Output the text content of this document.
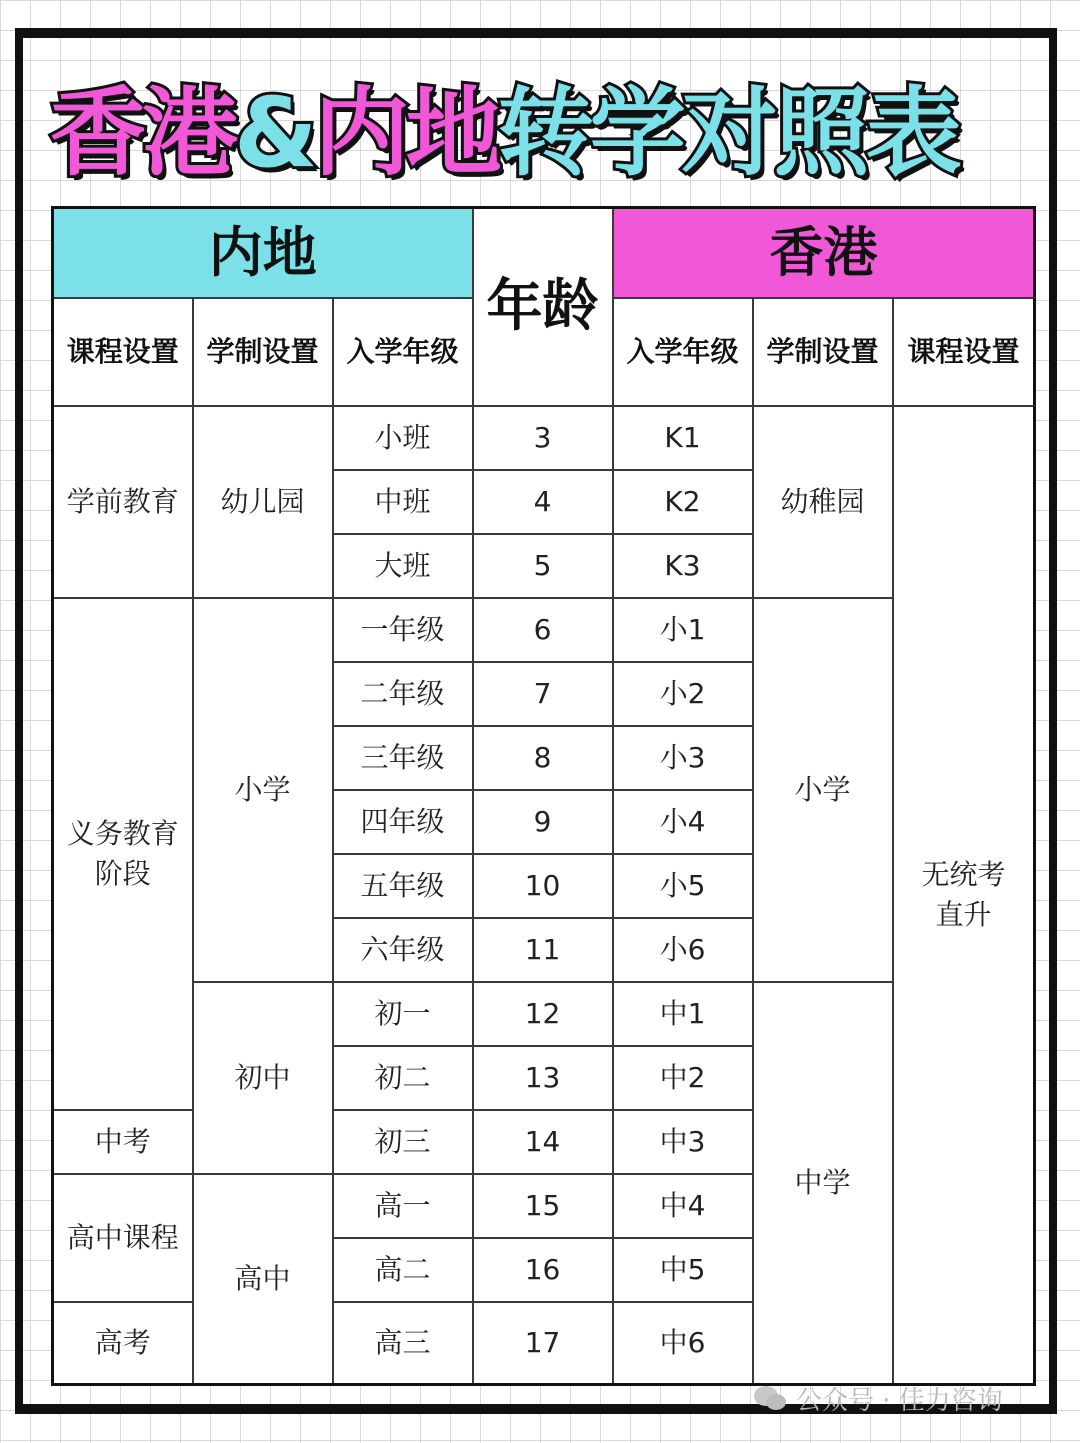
香港&内地转学对照表
内地			年龄	香港			
课程设置	学制设置	入学年级		入学年级	学制设置	课程设置	
学前教育	幼儿园	小班	3	K1	幼稚园	无统考
直升	

		中班	4	K2			
		大班	5	K3			

义务教育
阶段	小学	一年级	6	小1	小学		
		二年级	7	小2			
		三年级	8	小3			
		四年级	9	小4			
		五年级	10	小5			
		六年级	11	小6			
	初中	初一	12	中1	中学		
		初二	13	中2			
中考		初三	14	中3			
高中课程	高中	高一	15	中4			
		高二	16	中5			
高考		高三	17	中6	
公众号 · 佳力咨询
